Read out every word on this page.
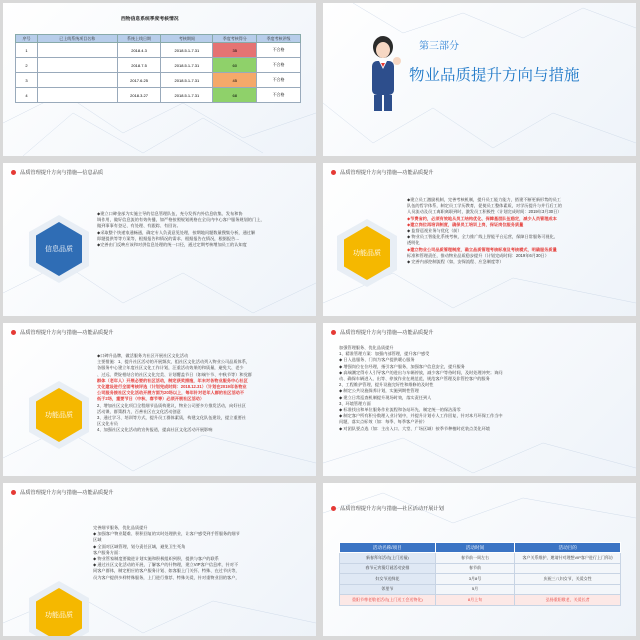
西物信息系统季度考核情况
序号	已上线系统项目名称	系统上线日期	考核期间	季度考核得分	季度考核评级
1		2018.4.3	2018.5.1-7.31	35	不合格
2		2018.7.5	2018.5.1-7.31	60	不合格
3		2017.6.25	2018.5.1-7.31	45	不合格
4		2018.3.27	2018.5.1-7.31	68	不合格
第三部分
物业品质提升方向与措施
品质管理提升方向与措施—信息品质
信息品质

◆建立口碑金部为实施主导的信息管理队伍，充分发挥内外信息收集、发布和协

调作用，做好信息流的有效传播，如严格按照规划规格在全员内中心客户服务规划的门上，

做到事事有登记、有处理、有跟踪、有回访。

◆采取整个快递家通畅通，确定专人负责意见处理，按期地问题数量搜集分析，通过解

即题提供等等方案等，根据报告和情况的需求、根据报告在情况，根据报告…

◆完善由门反映应该和对供信息处理的统一口径，通过定期考核增加员工的认知度

品质管理提升方向与措施—功能品质提升
功能品质

◆建立员工激励机制，完善考核机制，提升员工能力能力，搭建不断更新形势的员工

队伍的哲学体系，制定员工学历教育，促使员工整体素质，对学历提升与并行后工的

人员流动及员工离职离职到时，激发员工积极性（计划完成时间：2019年3月30日）

◆节费省约，必须有效地从员工结构优化、保障基层队伍稳定，减少人员管理成本

◆建立岗位再培训制度，确保员工培训上岗，保证岗位服务质量

◆ 监督巡视业务与优化（前）

◆ 物业员工智能化系统考核，全力推广线上智能平台运营，保障日常服务可视化、

透明化

◆建立物业公司品质管理制度，确立品质管理考核标准及考核模式，明确服务质量

标准和管理责任，推动物业品质稳步提升（计划完成时间：2019年6月30日）

◆ 完善内部控制流程（如，安保流程、应急制度等）

品质管理提升方向与措施—功能品质提升
功能品质

◆口碑升品牌，做活服务为社区开展社区文化活动

主要措施：1、提升社区活动的开展频次，组社区文化活动列入物业公司品质体系，

各服务中心建立年度社区文化工作计划，汪重活动效果的和质量，避免大、老少

、过远、费锭相结合的社区文化完美、计划覆盖节日（如端午节、中秋节等）和党群

群体（老年人）开展必要的社区活动，制定获奖措施，年末对各物业服务中心社区

文化建设进行全面考核评选（计划完成时间：2018.12.31）（计划在2019年各物业

公司服务接社区文化活动开展方面为20场以上，每年针对老年人群的社区活动不

低于2场，重要节日（中秋、春节等）必须开展社区活动）

2、增加社区文化项目全程细节品质构建议，物业公司要多方推发活动，向好社区

活动课、群策群力，百善社区在文化活动创意

3、通过学习、培训等方式，提升员工群体素质，构建文化队伍建设，提立重要社

区文化专员

4、加强社区文化活动的宣传报道，提高社区文化活动开展影响

品质管理提升方向与措施—功能品质提升

加强管理服务、优化品质提升

1、精准管理方案：加强内部管理，提升客户感受

◆ 日入选服务、门岗为客户提供暖心服务

◆ 增强岗位在位经理，指引客户服务，加强客户信息安全，提升服务

◆ 高端潮定得专人引导客户的进出与车辆停放，减少客户等待时间，及时处理冲突；询问

动、确保车辆进入、出等、停放作业在规范范，规范客户管理及非管控客户的服务

2、工程维护管理，提升设施完好性和维修的及时性

◆ 制定公共设施保养计划，实施到期性管理

◆ 建立日常巡查机制提升现场时效，落实责任到人

3、环境管理方面

◆ 标准找出和单位服务作业流程和各站环先、制定统一的保洁清零

◆ 制定客户所有积分数理入业计划中，并提升计划专人工作回复，针对本月环保工作当中

问题，落实点标效（如：每季、每季客户评价）

◆ 对团队要点选（如：主出入口、大堂、广场区域）按季节种植时花装点美化环境

品质管理提升方向与措施—功能品质提升
功能品质

完善细节服务，优化品质提升

◆ 加强客户物业疑难、积积回复的实时处理供业，让客户感受到手管服务的细节

区域

◆ 全面对区域管理，划分责任区域，避免卫生死角

客户服务方面：

◆ 物业管家制度要做进计划实施和积极组织到积，提供与客户的联系

◆ 通过社区文化活动的开展，了解客户的什物理，建立VIP客户信息库，针对不

同客户群体，制定相应的客户服务计划、如客服上门关怀、特殊、在过节庆等，

员为客户提供多样特殊服务，上门进行推荐、特殊关爱，针对重物业回的客户，

品质管理提升方向与措施—社区活动开展计划
活动名称/项目	活动时间	活动目的
新春拜年活动(上门送福)	春节前一周左右	客户关系维护，邀请针对理想VIP客户进行上门拜访
春节元宵猜灯谜活动安排	春节前	
妇女节送鲜花	3月8号	庆祝三八妇女节，关爱女性
邻里节	5月	
重阳节尊老敬老活动(上门送工会送物化)	8月上旬	弘扬重阳敬老，关爱长者
